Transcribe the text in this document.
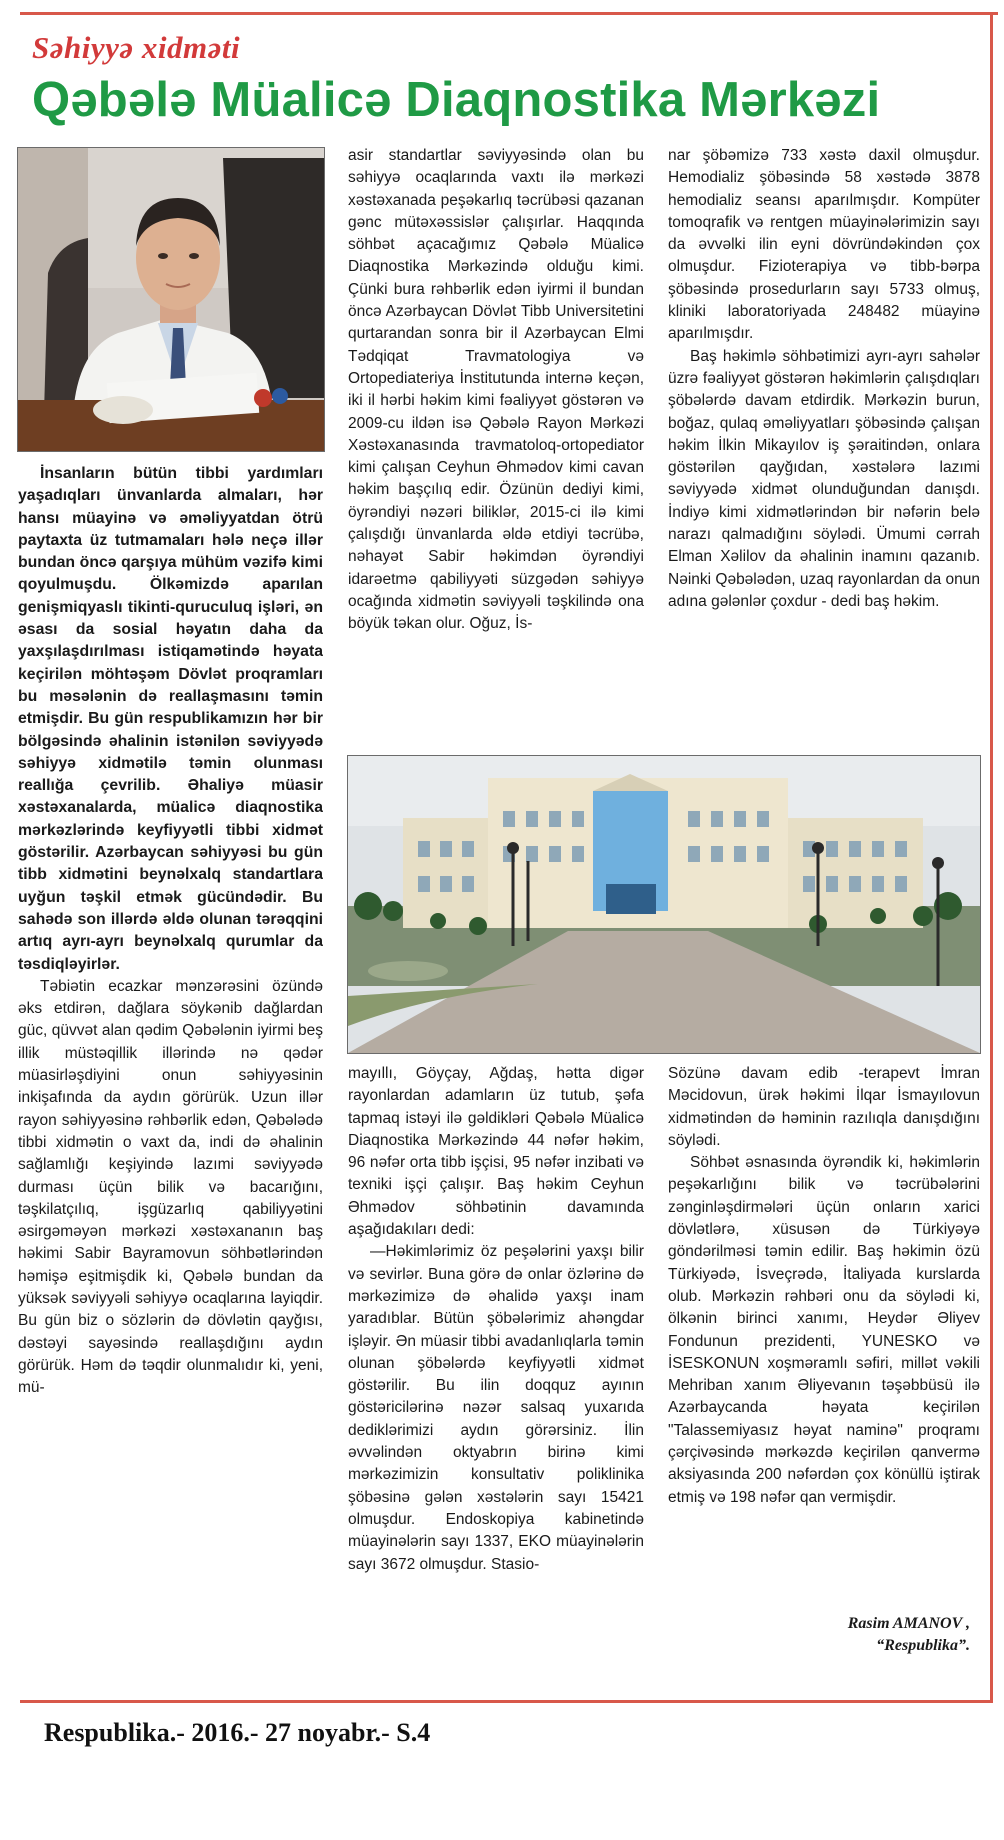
Səhiyyə xidməti
Qəbələ Müalicə Diaqnostika Mərkəzi

İnsanların bütün tibbi yardımları yaşadıqları ünvanlarda almaları, hər hansı müayinə və əməliyyatdan ötrü paytaxta üz tutmamaları hələ neçə illər bundan öncə qarşıya mühüm vəzifə kimi qoyulmuşdu. Ölkəmizdə aparılan genişmiqyaslı tikinti-quruculuq işləri, ən əsası da sosial həyatın daha da yaxşılaşdırılması istiqamətində həyata keçirilən möhtəşəm Dövlət proqramları bu məsələnin də reallaşmasını təmin etmişdir. Bu gün respublikamızın hər bir bölgəsində əhalinin istənilən səviyyədə səhiyyə xidmətilə təmin olunması reallığa çevrilib. Əhaliyə müasir xəstəxanalarda, müalicə diaqnostika mərkəzlərində keyfiyyətli tibbi xidmət göstərilir. Azərbaycan səhiyyəsi bu gün tibb xidmətini beynəlxalq standartlara uyğun təşkil etmək gücündədir. Bu sahədə son illərdə əldə olunan tərəqqini artıq ayrı-ayrı beynəlxalq qurumlar da təsdiqləyirlər.

Təbiətin ecazkar mənzərəsini özündə əks etdirən, dağlara söykənib dağlardan güc, qüvvət alan qədim Qəbələnin iyirmi beş illik müstəqillik illərində nə qədər müasirləşdiyini onun səhiyyəsinin inkişafında da aydın görürük. Uzun illər rayon səhiyyəsinə rəhbərlik edən, Qəbələdə tibbi xidmətin o vaxt da, indi də əhalinin sağlamlığı keşiyində lazımi səviyyədə durması üçün bilik və bacarığını, təşkilatçılıq, işgüzarlıq qabiliyyətini əsirgəməyən mərkəzi xəstəxananın baş həkimi Sabir Bayramovun söhbətlərindən həmişə eşitmişdik ki, Qəbələ bundan da yüksək səviyyəli səhiyyə ocaqlarına layiqdir. Bu gün biz o sözlərin də dövlətin qayğısı, dəstəyi sayəsində reallaşdığını aydın görürük. Həm də təqdir olunmalıdır ki, yeni, mü-

asir standartlar səviyyəsində olan bu səhiyyə ocaqlarında vaxtı ilə mərkəzi xəstəxanada peşəkarlıq təcrübəsi qazanan gənc mütəxəssislər çalışırlar. Haqqında söhbət açacağımız Qəbələ Müalicə Diaqnostika Mərkəzində olduğu kimi. Çünki bura rəhbərlik edən iyirmi il bundan öncə Azərbaycan Dövlət Tibb Universitetini qurtarandan sonra bir il Azərbaycan Elmi Tədqiqat Travmatologiya və Ortopediateriya İnstitutunda internə keçən, iki il hərbi həkim kimi fəaliyyət göstərən və 2009-cu ildən isə Qəbələ Rayon Mərkəzi Xəstəxanasında travmatoloq-ortopediator kimi çalışan Ceyhun Əhmədov kimi cavan həkim başçılıq edir. Özünün dediyi kimi, öyrəndiyi nəzəri biliklər, 2015-ci ilə kimi çalışdığı ünvanlarda əldə etdiyi təcrübə, nəhayət Sabir həkimdən öyrəndiyi idarəetmə qabiliyyəti süzgədən səhiyyə ocağında xidmətin səviyyəli təşkilində ona böyük təkan olur. Oğuz, İs-

nar şöbəmizə 733 xəstə daxil olmuşdur. Hemodializ şöbəsində 58 xəstədə 3878 hemodializ seansı aparılmışdır. Kompüter tomoqrafik və rentgen müayinələrimizin sayı da əvvəlki ilin eyni dövründəkindən çox olmuşdur. Fizioterapiya və tibb-bərpa şöbəsində prosedurların sayı 5733 olmuş, kliniki laboratoriyada 248482 müayinə aparılmışdır.

Baş həkimlə söhbətimizi ayrı-ayrı sahələr üzrə fəaliyyət göstərən həkimlərin çalışdıqları şöbələrdə davam etdirdik. Mərkəzin burun, boğaz, qulaq əməliyyatları şöbəsində çalışan həkim İlkin Mikayılov iş şəraitindən, onlara göstərilən qayğıdan, xəstələrə lazımi səviyyədə xidmət olunduğundan danışdı. İndiyə kimi xidmətlərindən bir nəfərin belə narazı qalmadığını söylədi. Ümumi cərrah Elman Xəlilov da əhalinin inamını qazanıb. Nəinki Qəbələdən, uzaq rayonlardan da onun adına gələnlər çoxdur - dedi baş həkim.

mayıllı, Göyçay, Ağdaş, hətta digər rayonlardan adamların üz tutub, şəfa tapmaq istəyi ilə gəldikləri Qəbələ Müalicə Diaqnostika Mərkəzində 44 nəfər həkim, 96 nəfər orta tibb işçisi, 95 nəfər inzibati və texniki işçi çalışır. Baş həkim Ceyhun Əhmədov söhbətinin davamında aşağıdakıları dedi:

—Həkimlərimiz öz peşələrini yaxşı bilir və sevirlər. Buna görə də onlar özlərinə də mərkəzimizə də əhalidə yaxşı inam yaradıblar. Bütün şöbələrimiz ahəngdar işləyir. Ən müasir tibbi avadanlıqlarla təmin olunan şöbələrdə keyfiyyətli xidmət göstərilir. Bu ilin doqquz ayının göstəricilərinə nəzər salsaq yuxarıda dediklərimizi aydın görərsiniz. İlin əvvəlindən oktyabrın birinə kimi mərkəzimizin konsultativ poliklinika şöbəsinə gələn xəstələrin sayı 15421 olmuşdur. Endoskopiya kabinetində müayinələrin sayı 1337, EKO müayinələrin sayı 3672 olmuşdur. Stasio-

Sözünə davam edib -terapevt İmran Məcidovun, ürək həkimi İlqar İsmayılovun xidmətindən də həminin razılıqla danışdığını söylədi.

Söhbət əsnasında öyrəndik ki, həkimlərin peşəkarlığını bilik və təcrübələrini zənginləşdirmələri üçün onların xarici dövlətlərə, xüsusən də Türkiyəyə göndərilməsi təmin edilir. Baş həkimin özü Türkiyədə, İsveçrədə, İtaliyada kurslarda olub. Mərkəzin rəhbəri onu da söylədi ki, ölkənin birinci xanımı, Heydər Əliyev Fondunun prezidenti, YUNESKO və İSESKONUN xoşməramlı səfiri, millət vəkili Mehriban xanım Əliyevanın təşəbbüsü ilə Azərbaycanda həyata keçirilən "Talassemiyasız həyat naminə" proqramı çərçivəsində mərkəzdə keçirilən qanvermə aksiyasında 200 nəfərdən çox könüllü iştirak etmiş və 198 nəfər qan vermişdir.

Rasim AMANOV ,
“Respublika”.

Respublika.- 2016.- 27 noyabr.- S.4
